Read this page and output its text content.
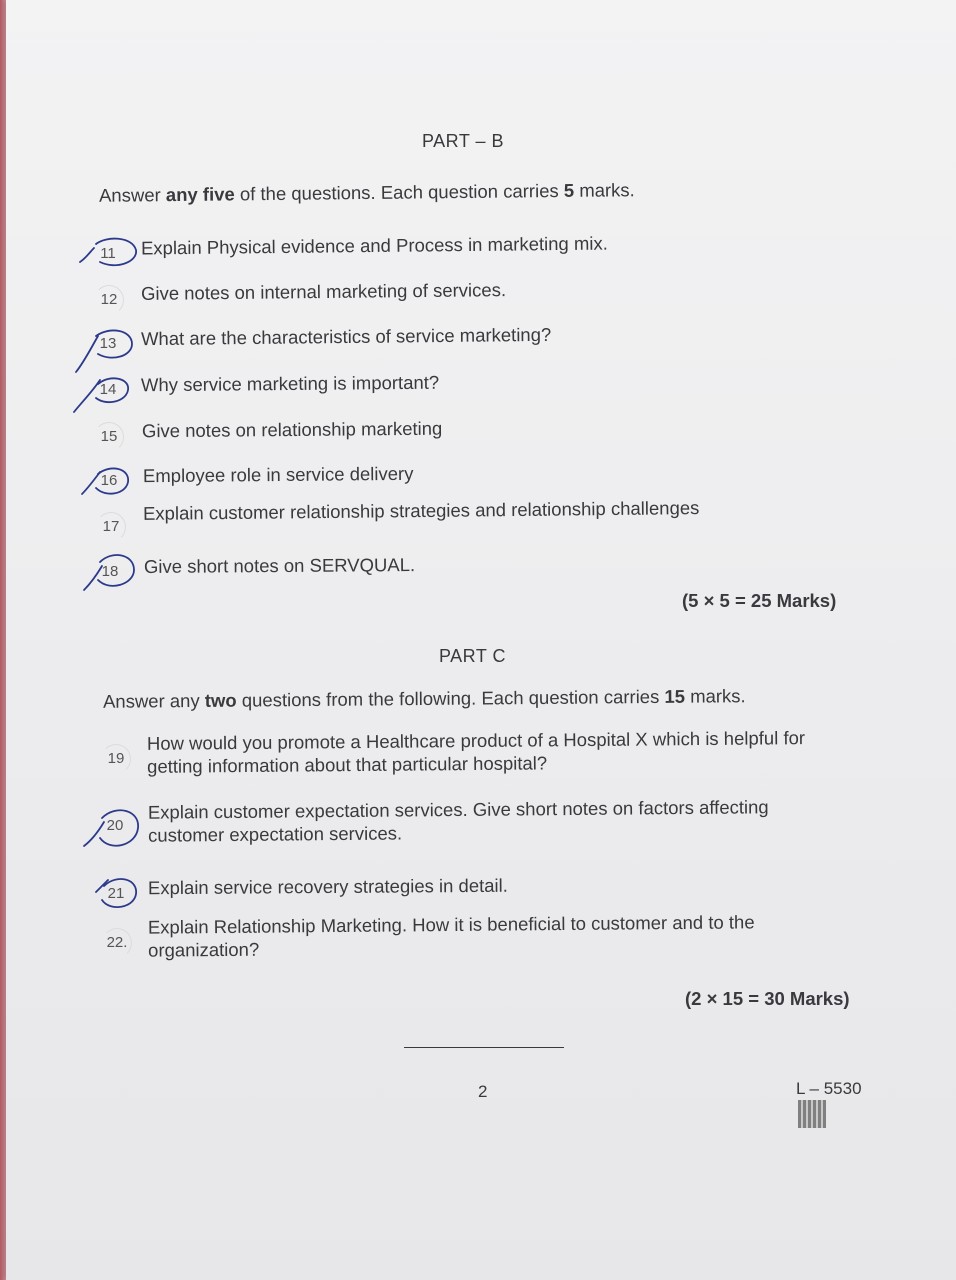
PART – B
Answer any five of the questions. Each question carries 5 marks.
11	Explain Physical evidence and Process in marketing mix.
12	Give notes on internal marketing of services.
13	What are the characteristics of service marketing?
14	Why service marketing is important?
15	Give notes on relationship marketing
16	Employee role in service delivery
17
Explain customer relationship strategies and relationship challenges
18	Give short notes on SERVQUAL.
(5 × 5 = 25 Marks)
PART C
Answer any two questions from the following. Each question carries 15 marks.
19
How would you promote a Healthcare product of a Hospital X which is helpful for
getting information about that particular hospital?
20
Explain customer expectation services. Give short notes on factors affecting
customer expectation services.
21	Explain service recovery strategies in detail.
22.
Explain Relationship Marketing. How it is beneficial to customer and to the
organization?
(2 × 15 = 30 Marks)
2	L – 5530
